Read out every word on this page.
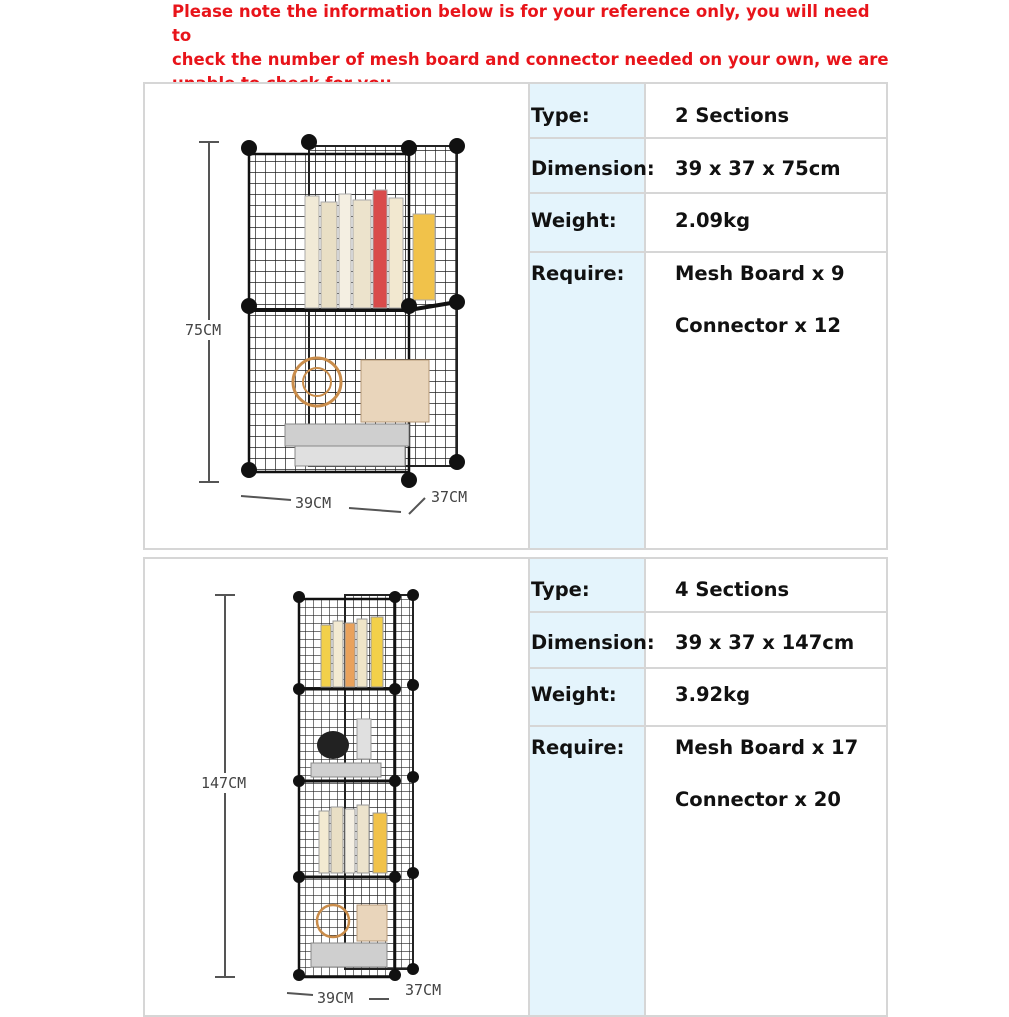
Please note the information below is for your reference only, you will need to
check the number of mesh board and connector needed on your own, we are
75CM
39CM	37CM
Type:	2 Sections
Dimension: 39 x 37 x 75cm
Weight:	2.09kg
Require:	Mesh Board x 9
Connector x 12
147CM
39CM	37CM
Type:	4 Sections
Dimension: 39 x 37 x 147cm
Weight:	3.92kg
Require:	Mesh Board x 17
Connector x 20
